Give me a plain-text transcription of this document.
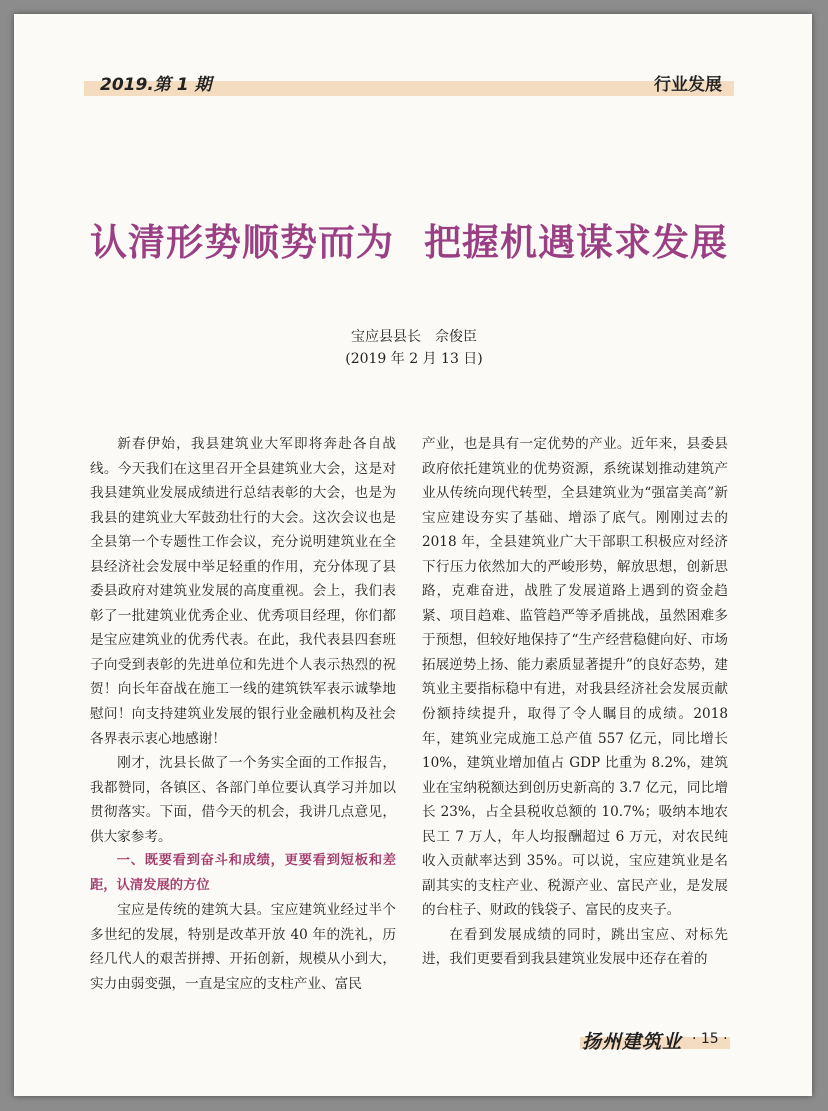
2019.第 1 期	行业发展
认清形势顺势而为 把握机遇谋求发展
宝应县县长　佘俊臣
(2019 年 2 月 13 日)

新春伊始，我县建筑业大军即将奔赴各自战线。今天我们在这里召开全县建筑业大会，这是对我县建筑业发展成绩进行总结表彰的大会，也是为我县的建筑业大军鼓劲壮行的大会。这次会议也是全县第一个专题性工作会议，充分说明建筑业在全县经济社会发展中举足轻重的作用，充分体现了县委县政府对建筑业发展的高度重视。会上，我们表彰了一批建筑业优秀企业、优秀项目经理，你们都是宝应建筑业的优秀代表。在此，我代表县四套班子向受到表彰的先进单位和先进个人表示热烈的祝贺！向长年奋战在施工一线的建筑铁军表示诚挚地慰问！向支持建筑业发展的银行业金融机构及社会各界表示衷心地感谢！

刚才，沈县长做了一个务实全面的工作报告，我都赞同，各镇区、各部门单位要认真学习并加以贯彻落实。下面，借今天的机会，我讲几点意见，供大家参考。

一、既要看到奋斗和成绩，更要看到短板和差距，认清发展的方位

宝应是传统的建筑大县。宝应建筑业经过半个多世纪的发展，特别是改革开放 40 年的洗礼，历经几代人的艰苦拼搏、开拓创新，规模从小到大，实力由弱变强，一直是宝应的支柱产业、富民

产业，也是具有一定优势的产业。近年来，县委县政府依托建筑业的优势资源，系统谋划推动建筑产业从传统向现代转型，全县建筑业为“强富美高”新宝应建设夯实了基础、增添了底气。刚刚过去的 2018 年，全县建筑业广大干部职工积极应对经济下行压力依然加大的严峻形势，解放思想，创新思路，克难奋进，战胜了发展道路上遇到的资金趋紧、项目趋难、监管趋严等矛盾挑战，虽然困难多于预想，但较好地保持了“生产经营稳健向好、市场拓展逆势上扬、能力素质显著提升”的良好态势，建筑业主要指标稳中有进，对我县经济社会发展贡献份额持续提升，取得了令人瞩目的成绩。2018 年，建筑业完成施工总产值 557 亿元，同比增长 10%，建筑业增加值占 GDP 比重为 8.2%，建筑业在宝纳税额达到创历史新高的 3.7 亿元，同比增长 23%，占全县税收总额的 10.7%；吸纳本地农民工 7 万人，年人均报酬超过 6 万元，对农民纯收入贡献率达到 35%。可以说，宝应建筑业是名副其实的支柱产业、税源产业、富民产业，是发展的台柱子、财政的钱袋子、富民的皮夹子。

在看到发展成绩的同时，跳出宝应、对标先进，我们更要看到我县建筑业发展中还存在着的

扬州建筑业 · 15 ·
